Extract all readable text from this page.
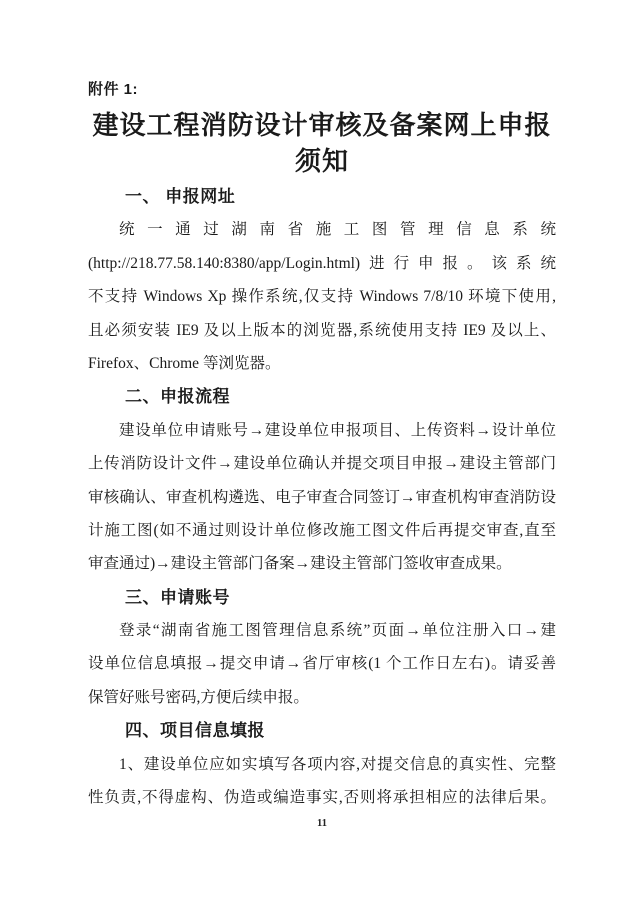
附件 1:
建设工程消防设计审核及备案网上申报
须知
一、 申报网址
统一通过湖南省施工图管理信息系统
(http://218.77.58.140:8380/app/Login.html)进行申报。该系统
不支持 Windows Xp 操作系统,仅支持 Windows 7/8/10 环境下使用,
且必须安装 IE9 及以上版本的浏览器,系统使用支持 IE9 及以上、
Firefox、Chrome 等浏览器。
二、申报流程
建设单位申请账号→建设单位申报项目、上传资料→设计单位
上传消防设计文件→建设单位确认并提交项目申报→建设主管部门
审核确认、审查机构遴选、电子审查合同签订→审查机构审查消防设
计施工图(如不通过则设计单位修改施工图文件后再提交审查,直至
审查通过)→建设主管部门备案→建设主管部门签收审查成果。
三、申请账号
登录“湖南省施工图管理信息系统”页面→单位注册入口→建
设单位信息填报→提交申请→省厅审核(1 个工作日左右)。请妥善
保管好账号密码,方便后续申报。
四、项目信息填报
1、建设单位应如实填写各项内容,对提交信息的真实性、完整
性负责,不得虚构、伪造或编造事实,否则将承担相应的法律后果。
11
